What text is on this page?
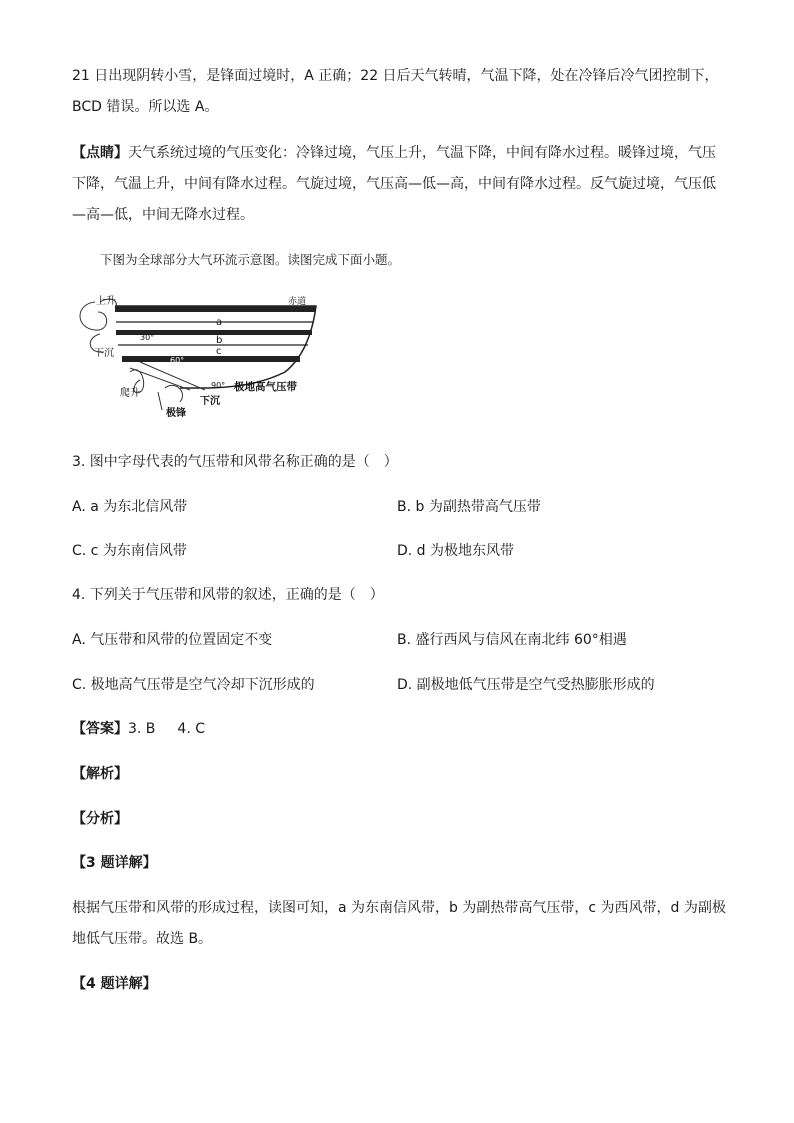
21 日出现阴转小雪，是锋面过境时，A 正确；22 日后天气转晴，气温下降，处在冷锋后冷气团控制下，
BCD 错误。所以选 A。
【点睛】天气系统过境的气压变化：冷锋过境，气压上升，气温下降，中间有降水过程。暖锋过境，气压
下降，气温上升，中间有降水过程。气旋过境，气压高—低—高，中间有降水过程。反气旋过境，气压低
—高—低，中间无降水过程。
下图为全球部分大气环流示意图。读图完成下面小题。
上升	赤道
a
30°	b
c
60°
下沉
爬升
90° 极地高气压带
下沉
极锋
3. 图中字母代表的气压带和风带名称正确的是（　）
A. a 为东北信风带	B. b 为副热带高气压带
C. c 为东南信风带	D. d 为极地东风带
4. 下列关于气压带和风带的叙述，正确的是（　）
A. 气压带和风带的位置固定不变	B. 盛行西风与信风在南北纬 60°相遇
C. 极地高气压带是空气冷却下沉形成的	D. 副极地低气压带是空气受热膨胀形成的
【答案】3. B 4. C
【解析】
【分析】
【3 题详解】
根据气压带和风带的形成过程，读图可知，a 为东南信风带，b 为副热带高气压带，c 为西风带，d 为副极
地低气压带。故选 B。
【4 题详解】
